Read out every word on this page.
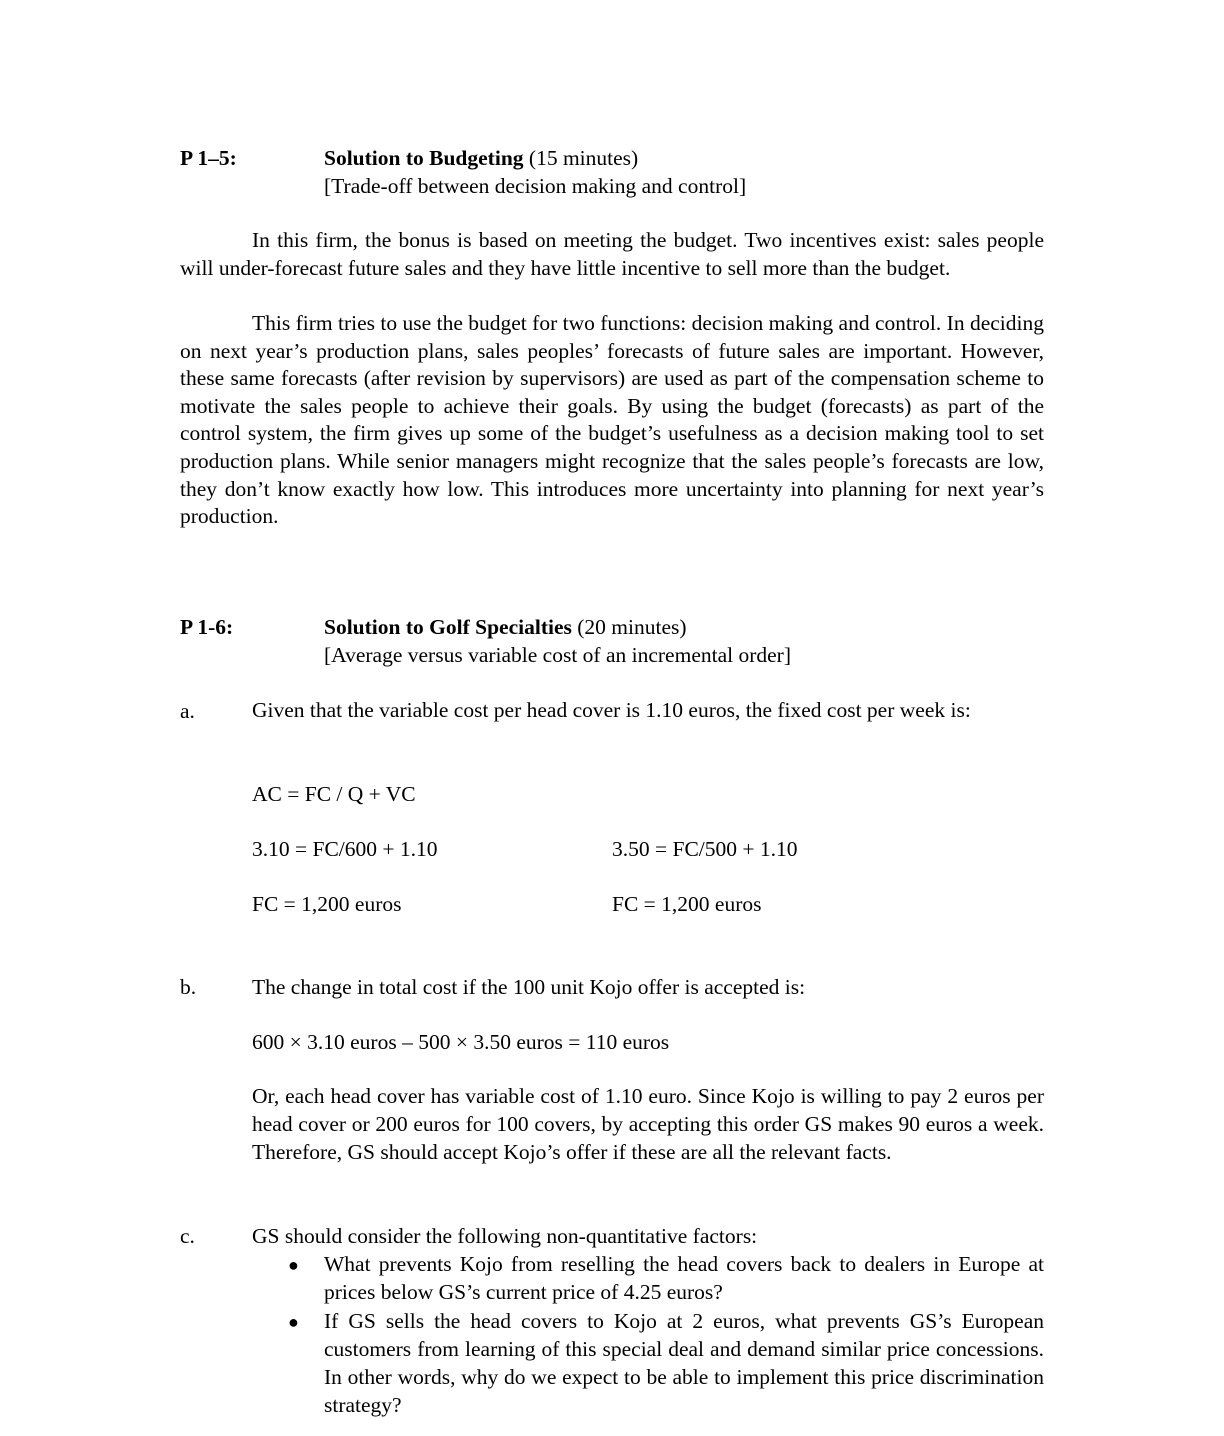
P 1–5:	Solution to Budgeting (15 minutes)
[Trade-off between decision making and control]

In this firm, the bonus is based on meeting the budget. Two incentives exist: sales people will under-forecast future sales and they have little incentive to sell more than the budget.

This firm tries to use the budget for two functions: decision making and control. In deciding on next year’s production plans, sales peoples’ forecasts of future sales are important. However, these same forecasts (after revision by supervisors) are used as part of the compensation scheme to motivate the sales people to achieve their goals. By using the budget (forecasts) as part of the control system, the firm gives up some of the budget’s usefulness as a decision making tool to set production plans. While senior managers might recognize that the sales people’s forecasts are low, they don’t know exactly how low. This introduces more uncertainty into planning for next year’s production.

P 1-6:	Solution to Golf Specialties (20 minutes)
[Average versus variable cost of an incremental order]
a.	Given that the variable cost per head cover is 1.10 euros, the fixed cost per week is:

AC = FC / Q + VC
3.10 = FC/600 + 1.10	3.50 = FC/500 + 1.10
FC = 1,200 euros	FC = 1,200 euros
b.	The change in total cost if the 100 unit Kojo offer is accepted is:
600 × 3.10 euros – 500 × 3.50 euros = 110 euros

Or, each head cover has variable cost of 1.10 euro. Since Kojo is willing to pay 2 euros per head cover or 200 euros for 100 covers, by accepting this order GS makes 90 euros a week. Therefore, GS should accept Kojo’s offer if these are all the relevant facts.

c.	GS should consider the following non-quantitative factors:
● What prevents Kojo from reselling the head covers back to dealers in Europe at prices below GS’s current price of 4.25 euros?

● If GS sells the head covers to Kojo at 2 euros, what prevents GS’s European customers from learning of this special deal and demand similar price concessions. In other words, why do we expect to be able to implement this price discrimination strategy?
